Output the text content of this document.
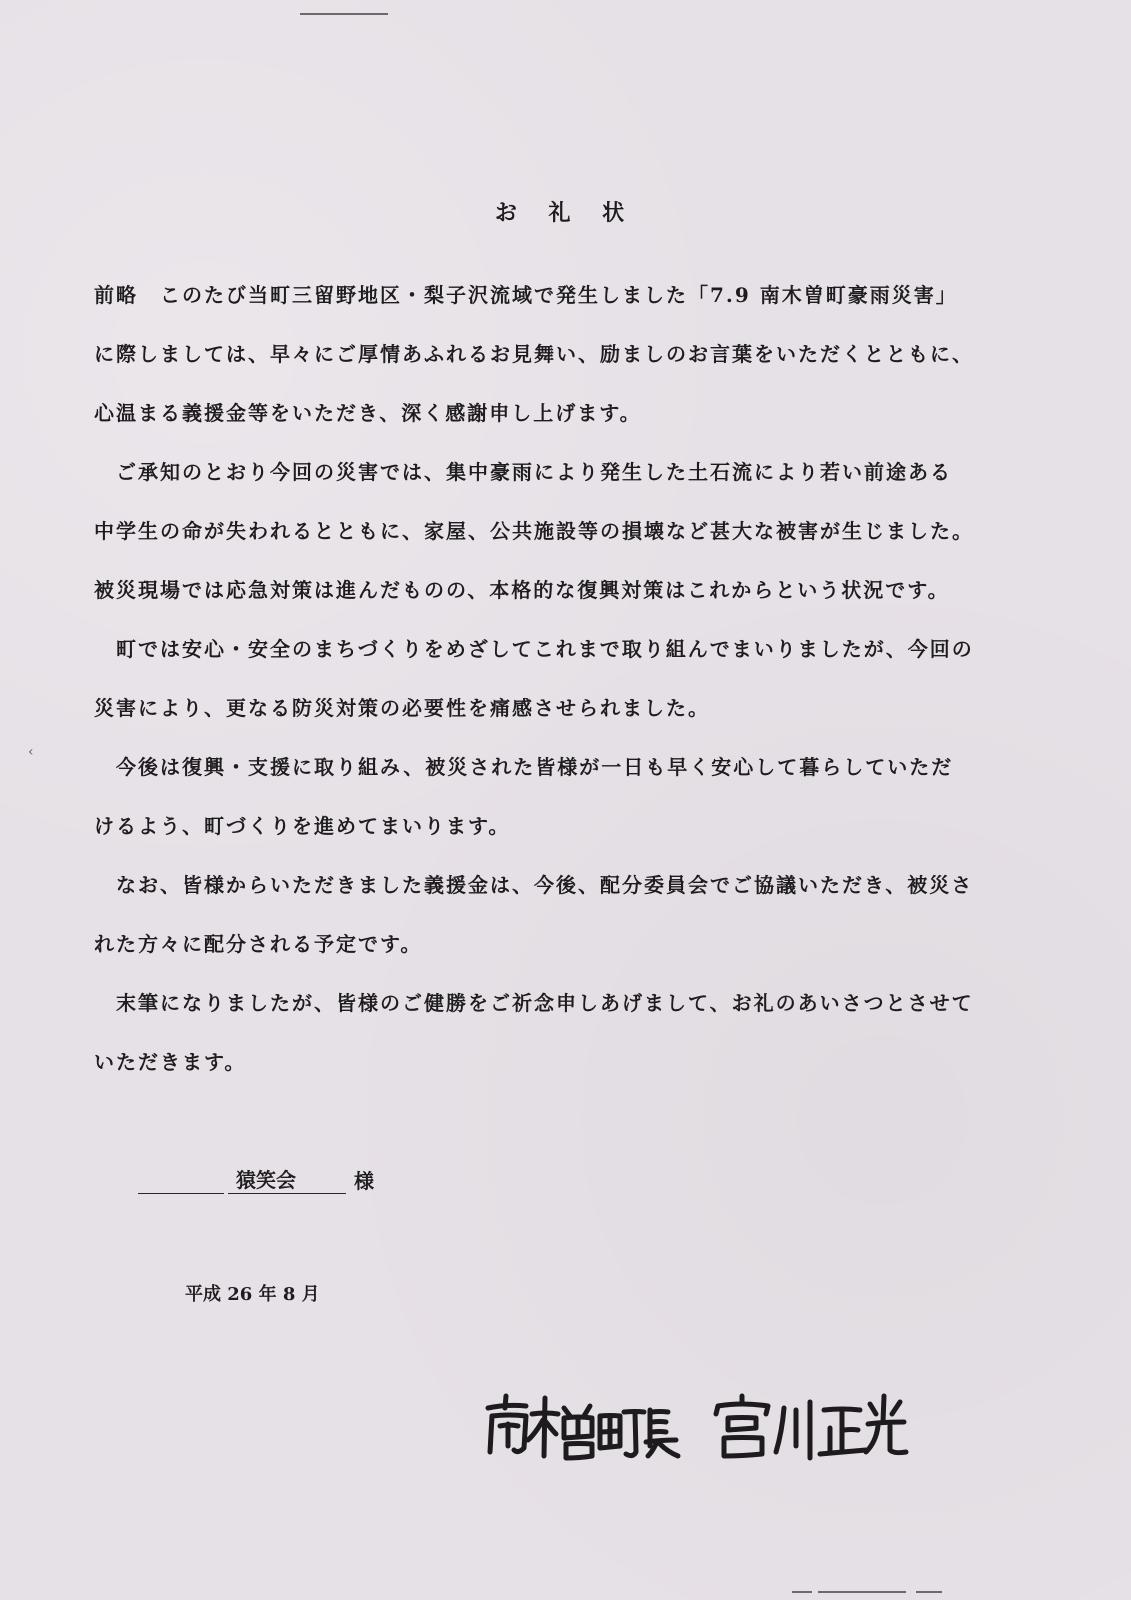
‹
お 礼 状

前略　このたび当町三留野地区・梨子沢流域で発生しました「7.9 南木曽町豪雨災害」
に際しましては、早々にご厚情あふれるお見舞い、励ましのお言葉をいただくとともに、
心温まる義援金等をいただき、深く感謝申し上げます。

　ご承知のとおり今回の災害では、集中豪雨により発生した土石流により若い前途ある
中学生の命が失われるとともに、家屋、公共施設等の損壊など甚大な被害が生じました。
被災現場では応急対策は進んだものの、本格的な復興対策はこれからという状況です。

　町では安心・安全のまちづくりをめざしてこれまで取り組んでまいりましたが、今回の
災害により、更なる防災対策の必要性を痛感させられました。

　今後は復興・支援に取り組み、被災された皆様が一日も早く安心して暮らしていただ
けるよう、町づくりを進めてまいります。

　なお、皆様からいただきました義援金は、今後、配分委員会でご協議いただき、被災さ
れた方々に配分される予定です。

　末筆になりましたが、皆様のご健勝をご祈念申しあげまして、お礼のあいさつとさせて
いただきます。

猿笑会	様
平成 26 年 8 月
